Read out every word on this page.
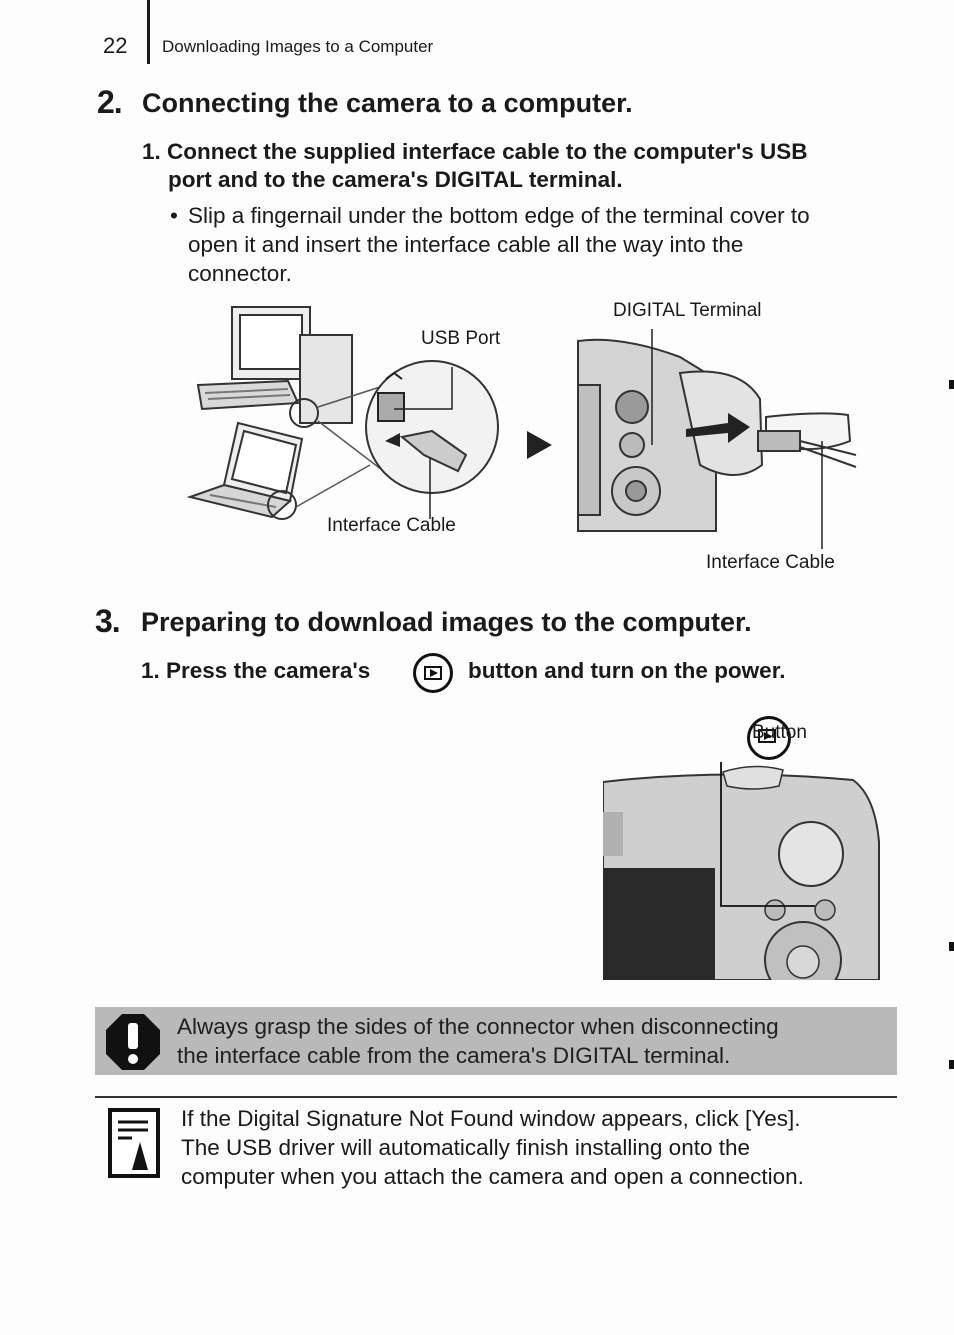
22 Downloading Images to a Computer
2. Connecting the camera to a computer.
1. Connect the supplied interface cable to the computer's USB
port and to the camera's DIGITAL terminal.
• Slip a fingernail under the bottom edge of the terminal cover to
open it and insert the interface cable all the way into the
connector.
USB Port
Interface Cable
DIGITAL Terminal
Interface Cable
3. Preparing to download images to the computer.
1. Press the camera's
	button and turn on the power.
Button
Always grasp the sides of the connector when disconnecting
the interface cable from the camera's DIGITAL terminal.
If the Digital Signature Not Found window appears, click [Yes].
The USB driver will automatically finish installing onto the
computer when you attach the camera and open a connection.
